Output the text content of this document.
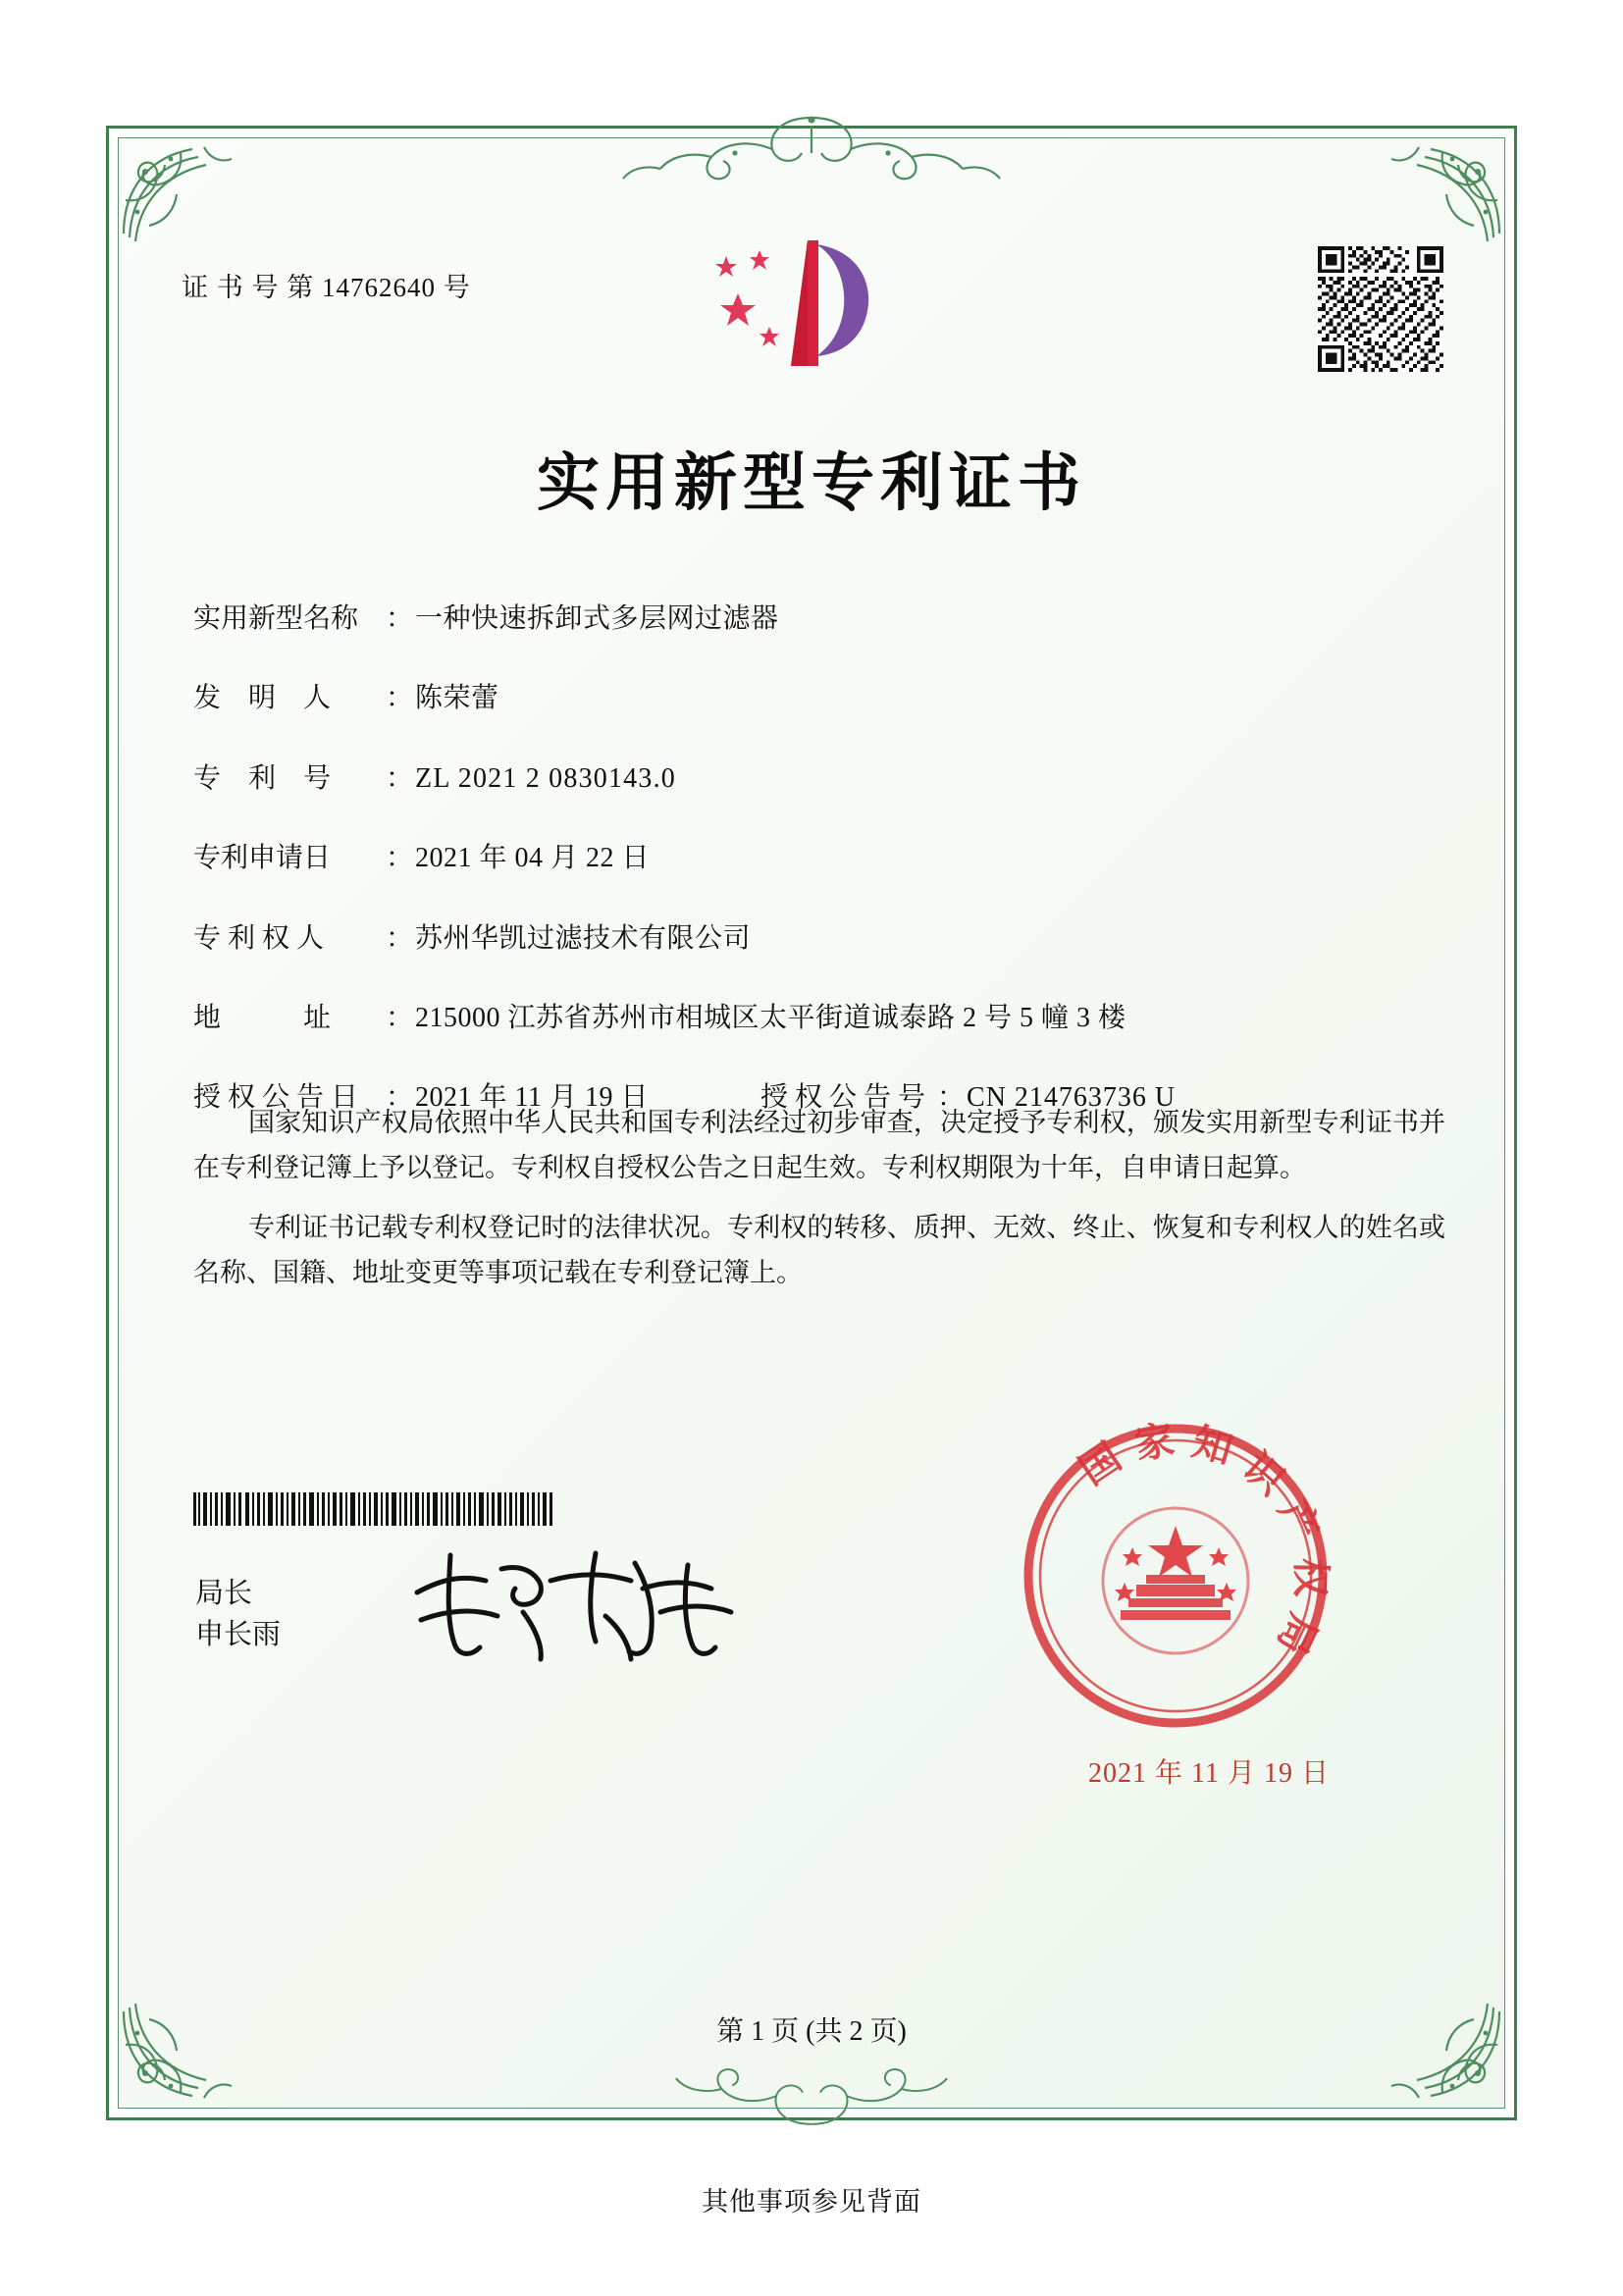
证 书 号 第 14762640 号
实用新型专利证书
实用新型名称 ： 一种快速拆卸式多层网过滤器
发　明　人	： 陈荣蕾
专　利　号	： ZL 2021 2 0830143.0
专利申请日	： 2021 年 04 月 22 日
专 利 权 人	： 苏州华凯过滤技术有限公司
地　　　址	： 215000 江苏省苏州市相城区太平街道诚泰路 2 号 5 幢 3 楼
授 权 公 告 日 ： 2021 年 11 月 19 日	授 权 公 告 号 ： CN 214763736 U

国家知识产权局依照中华人民共和国专利法经过初步审查，决定授予专利权，颁发实用新型专利证书并在专利登记簿上予以登记。专利权自授权公告之日起生效。专利权期限为十年，自申请日起算。

专利证书记载专利权登记时的法律状况。专利权的转移、质押、无效、终止、恢复和专利权人的姓名或名称、国籍、地址变更等事项记载在专利登记簿上。

局长
申长雨
国 家 知 识 产 权 局
2021 年 11 月 19 日
第 1 页 (共 2 页)
其他事项参见背面
